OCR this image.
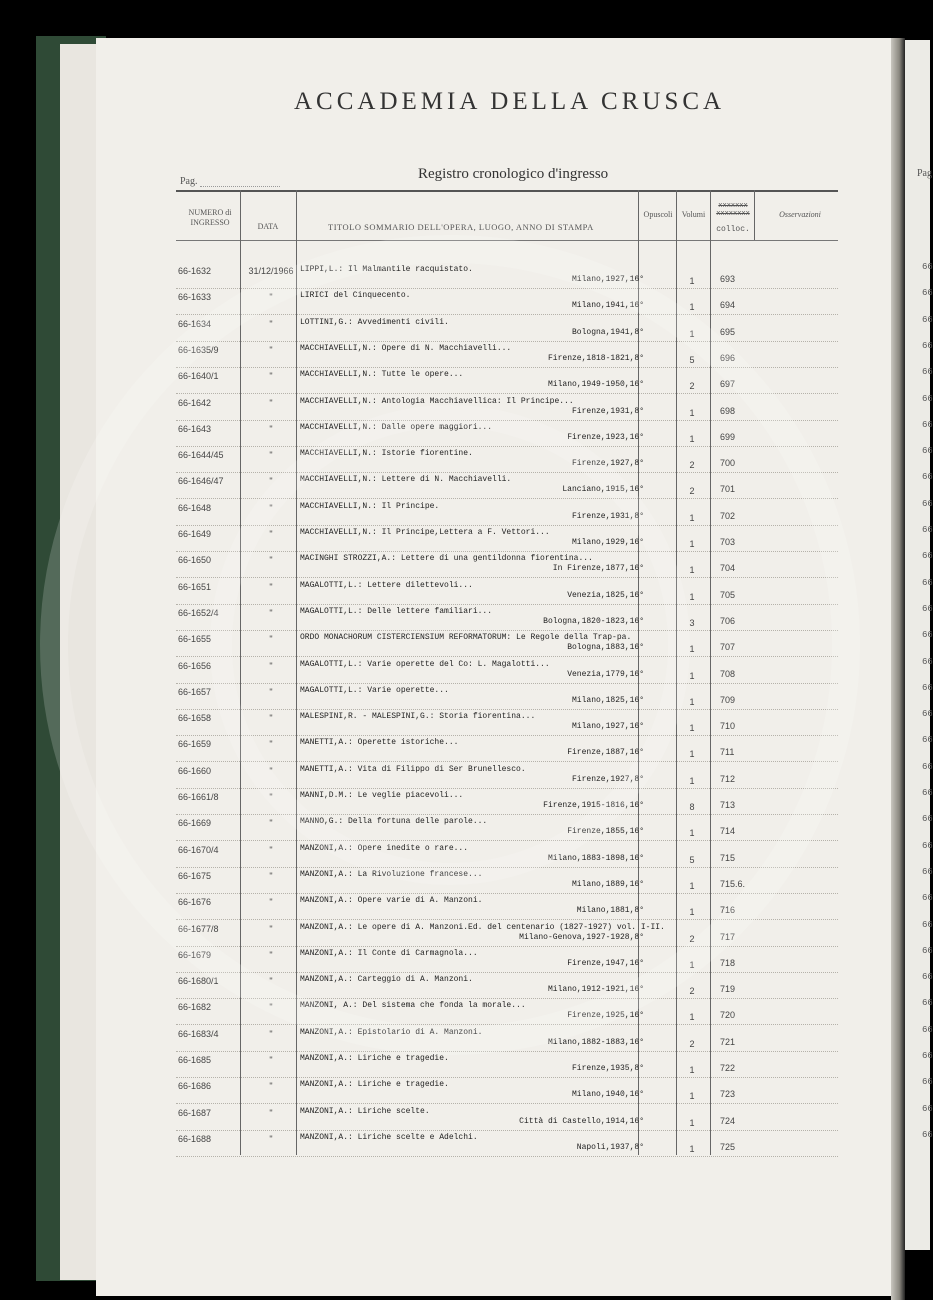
Pag
66
66
66
66
66
66
66
66
66
66
66
66
66
66
66
66
66
66
66
66
66
66
66
66
66
66
66
66
66
66
66
66
66
66
ACCADEMIA DELLA CRUSCA
Pag.	Registro cronologico d'ingresso
NUMERO di INGRESSO	DATA	TITOLO SOMMARIO DELL'OPERA, LUOGO, ANNO DI STAMPA
Opuscoli	Volumi
xxxxxxx xxxxxxxx
colloc.
Osservazioni
66-1632	31/12/1966 LIPPI,L.: Il Malmantile racquistato.
Milano,1927,16°	1	693
66-1633	"	LIRICI del Cinquecento.
Milano,1941,16°	1	694
66-1634	"	LOTTINI,G.: Avvedimenti civili.
Bologna,1941,8°	1	695
66-1635/9	"	MACCHIAVELLI,N.: Opere di N. Macchiavelli...
Firenze,1818-1821,8°	5	696
66-1640/1	"	MACCHIAVELLI,N.: Tutte le opere...
Milano,1949-1950,16°	2	697
66-1642	"	MACCHIAVELLI,N.: Antologia Macchiavellica: Il Principe...
Firenze,1931,8°	1	698
66-1643	"	MACCHIAVELLI,N.: Dalle opere maggiori...
Firenze,1923,16°	1	699
66-1644/45	"	MACCHIAVELLI,N.: Istorie fiorentine.
Firenze,1927,8°	2	700
66-1646/47	"	MACCHIAVELLI,N.: Lettere di N. Macchiavelli.
Lanciano,1915,16°	2	701
66-1648	"	MACCHIAVELLI,N.: Il Principe.
Firenze,1931,8°	1	702
66-1649	"	MACCHIAVELLI,N.: Il Principe,Lettera a F. Vettori...
Milano,1929,16°	1	703
66-1650	"	MACINGHI STROZZI,A.: Lettere di una gentildonna fiorentina...
In Firenze,1877,16°	1	704
66-1651	"	MAGALOTTI,L.: Lettere dilettevoli...
Venezia,1825,16°	1	705
66-1652/4	"	MAGALOTTI,L.: Delle lettere familiari...
Bologna,1820-1823,16°	3	706
66-1655	"	ORDO MONACHORUM CISTERCIENSIUM REFORMATORUM: Le Regole della Trap-pa.
Bologna,1883,16°	1	707
66-1656	"	MAGALOTTI,L.: Varie operette del Co: L. Magalotti...
Venezia,1779,16°	1	708
66-1657	"	MAGALOTTI,L.: Varie operette...
Milano,1825,16°	1	709
66-1658	"	MALESPINI,R. - MALESPINI,G.: Storia fiorentina...
Milano,1927,16°	1	710
66-1659	"	MANETTI,A.: Operette istoriche...
Firenze,1887,16°	1	711
66-1660	"	MANETTI,A.: Vita di Filippo di Ser Brunellesco.
Firenze,1927,8°	1	712
66-1661/8	"	MANNI,D.M.: Le veglie piacevoli...
Firenze,1915-1816,16°	8	713
66-1669	"	MANNO,G.: Della fortuna delle parole...
Firenze,1855,16°	1	714
66-1670/4	"	MANZONI,A.: Opere inedite o rare...
Milano,1883-1898,16°	5	715
66-1675	"	MANZONI,A.: La Rivoluzione francese...
Milano,1889,16°	1	715.6.
66-1676	"	MANZONI,A.: Opere varie di A. Manzoni.
Milano,1881,8°	1	716
66-1677/8	"	MANZONI,A.: Le opere di A. Manzoni.Ed. del centenario (1827-1927) vol. I-II.
Milano-Genova,1927-1928,8°	2	717
66-1679	"	MANZONI,A.: Il Conte di Carmagnola...
Firenze,1947,16°	1	718
66-1680/1	"	MANZONI,A.: Carteggio di A. Manzoni.
Milano,1912-1921,16°	2	719
66-1682	"	MANZONI, A.: Del sistema che fonda la morale...
Firenze,1925,16°	1	720
66-1683/4	"	MANZONI,A.: Epistolario di A. Manzoni.
Milano,1882-1883,16°	2	721
66-1685	"	MANZONI,A.: Liriche e tragedie.
Firenze,1935,8°	1	722
66-1686	"	MANZONI,A.: Liriche e tragedie.
Milano,1940,16°	1	723
66-1687	"	MANZONI,A.: Liriche scelte.
Città di Castello,1914,16°	1	724
66-1688	"	MANZONI,A.: Liriche scelte e Adelchi.
Napoli,1937,8°	1	725
